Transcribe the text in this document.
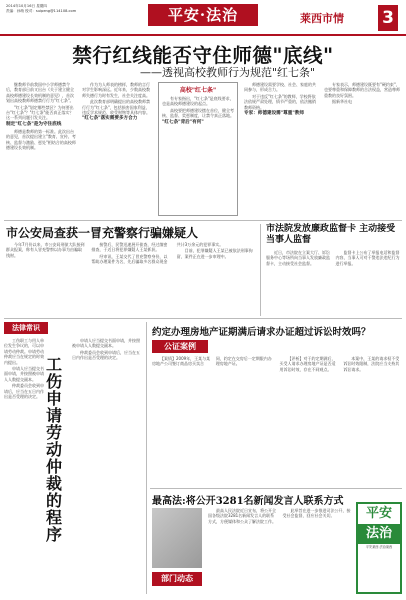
2014年10月16日 星期四
责编：孙萌 校对：suipeng@114108.com	平安·法治	莱西市情 3
禁行红线能否守住师德"底线"
——透视高校教师行为规范"红七条"

继教师节前我国中小学师德禁令后，教育部日前又出台《关于建立健全高校师德建设长效机制的意见》，首次划出高校教师师德禁行行为"红七条"。

"红七条"划定哪些禁区？为何要出台"红七条"？"红七条"能否真正落实？这一系列问题引发关注。

制定"红七条"是为守住底线

师德是教师的第一标准。此次出台的意见，首次提出建立"教育、宣传、考核、监督与激励、惩处"相结合的高校师德建设长效机制。

作为为人师表的榜样，教师的言行对学生影响深远。近年来，少数高校教师失德行为时有发生，社会关注度高。

此次教育部明确提出的高校教师禁行行为"红七条"，包括损害国家利益、违反学术规范、收受财物等具体内容。

"红七条"落实需要多方合力

高校"红七条"

有专家指出，"红七条"是底线要求，也是高校师德建设的起点。

高校要把师德建设摆在首位，健全考核、监督、奖惩制度，让禁令真正落地。

"红七条"背后"有何"

师德建设需要学校、社会、家庭的共同参与，形成合力。

对于违反"红七条"的教师，学校将依法依规严肃处理，情节严重的，依法撤销教师资格。

专家：师德建设需"尊重"教师

专家表示，师德建设既要有"硬约束"，也要尊重和保障教师的合法权益，营造尊师重教的良好氛围。

据新华社电

市公安局查获一冒充警察行骗嫌疑人

今年7月份以来，市公安局刑侦大队接到群众报案，称有人冒充警察以办事为由骗取钱财。

接警后，民警迅速展开侦查，经过缜密排查，于近日将犯罪嫌疑人王某抓获。

经审讯，王某交代了冒充警察身份，以帮助办理案件为名，先后骗取多名群众现金共计3万余元的犯罪事实。

目前，犯罪嫌疑人王某已被依法刑事拘留，案件正在进一步审理中。

市法院发放廉政监督卡 主动接受当事人监督

近日，市法院在立案大厅、诉讼服务中心等场所向当事人发放廉政监督卡，主动接受社会监督。

监督卡上公布了举报电话和监督内容，当事人可对干警违法违纪行为进行举报。

法律常识
工伤申请劳动仲裁的程序

工伤职工与用人单位发生争议的，可以申请劳动仲裁。申请劳动仲裁应当在规定的时效内提出。

申请人应当提交书面申请，并按照被申请人人数提交副本。

仲裁委员会收到申请后，应当在五日内作出是否受理的决定。

申请人应当提交书面申请，并按照被申请人人数提交副本。

仲裁委员会收到申请后，应当在五日内作出是否受理的决定。

约定办理房地产证期满后请求办证超过诉讼时效吗？
公证案例

【案情】2009年，王某与某房地产公司签订商品房买卖合同，约定在交房后一定期限内办理房地产证。

【评析】对于约定期满后，买受人请求办理房地产证是否适用诉讼时效，存在不同观点。

本案中，王某的请求权不受诉讼时效限制，法院应当支持其诉讼请求。

最高法:将公开3281名新闻发言人联系方式
部门动态

最高人民法院近日宣布，将公开全国各级法院3281名新闻发言人的联系方式，方便媒体和公众了解法院工作。

此举旨在进一步推进司法公开，接受社会监督，回应社会关切。	平安
法治
平安莱西 法治莱西
